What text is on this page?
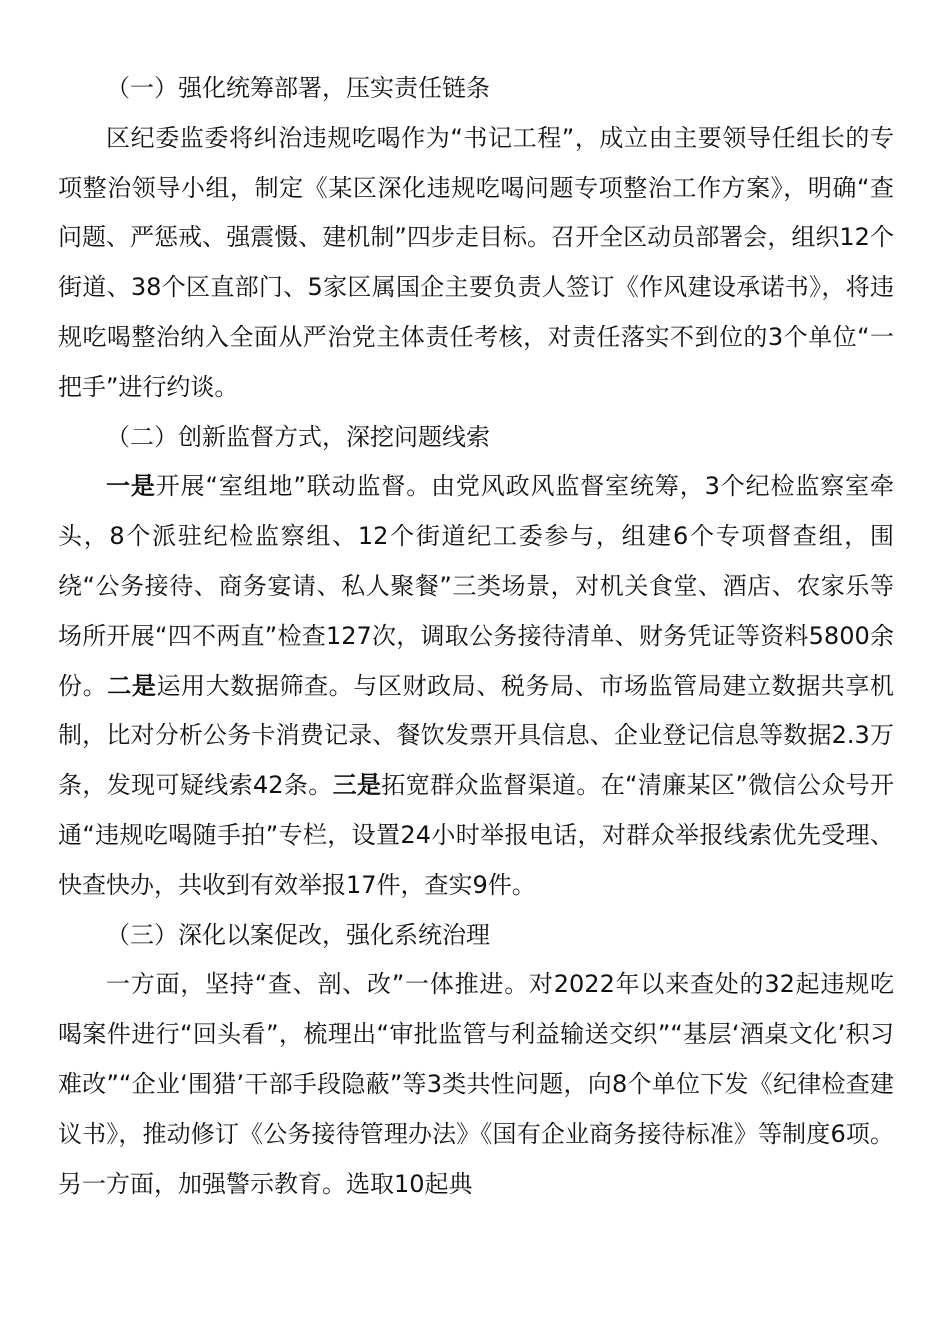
（一）强化统筹部署，压实责任链条

区纪委监委将纠治违规吃喝作为“书记工程”，成立由主要领导任组长的专项整治领导小组，制定《某区深化违规吃喝问题专项整治工作方案》，明确“查问题、严惩戒、强震慑、建机制”四步走目标。召开全区动员部署会，组织12个街道、38个区直部门、5家区属国企主要负责人签订《作风建设承诺书》，将违规吃喝整治纳入全面从严治党主体责任考核，对责任落实不到位的3个单位“一把手”进行约谈。

（二）创新监督方式，深挖问题线索

一是开展“室组地”联动监督。由党风政风监督室统筹，3个纪检监察室牵头，8个派驻纪检监察组、12个街道纪工委参与，组建6个专项督查组，围绕“公务接待、商务宴请、私人聚餐”三类场景，对机关食堂、酒店、农家乐等场所开展“四不两直”检查127次，调取公务接待清单、财务凭证等资料5800余份。二是运用大数据筛查。与区财政局、税务局、市场监管局建立数据共享机制，比对分析公务卡消费记录、餐饮发票开具信息、企业登记信息等数据2.3万条，发现可疑线索42条。三是拓宽群众监督渠道。在“清廉某区”微信公众号开通“违规吃喝随手拍”专栏，设置24小时举报电话，对群众举报线索优先受理、快查快办，共收到有效举报17件，查实9件。

（三）深化以案促改，强化系统治理

一方面，坚持“查、剖、改”一体推进。对2022年以来查处的32起违规吃喝案件进行“回头看”，梳理出“审批监管与利益输送交织”“基层‘酒桌文化’积习难改”“企业‘围猎’干部手段隐蔽”等3类共性问题，向8个单位下发《纪律检查建议书》，推动修订《公务接待管理办法》《国有企业商务接待标准》等制度6项。另一方面，加强警示教育。选取10起典
